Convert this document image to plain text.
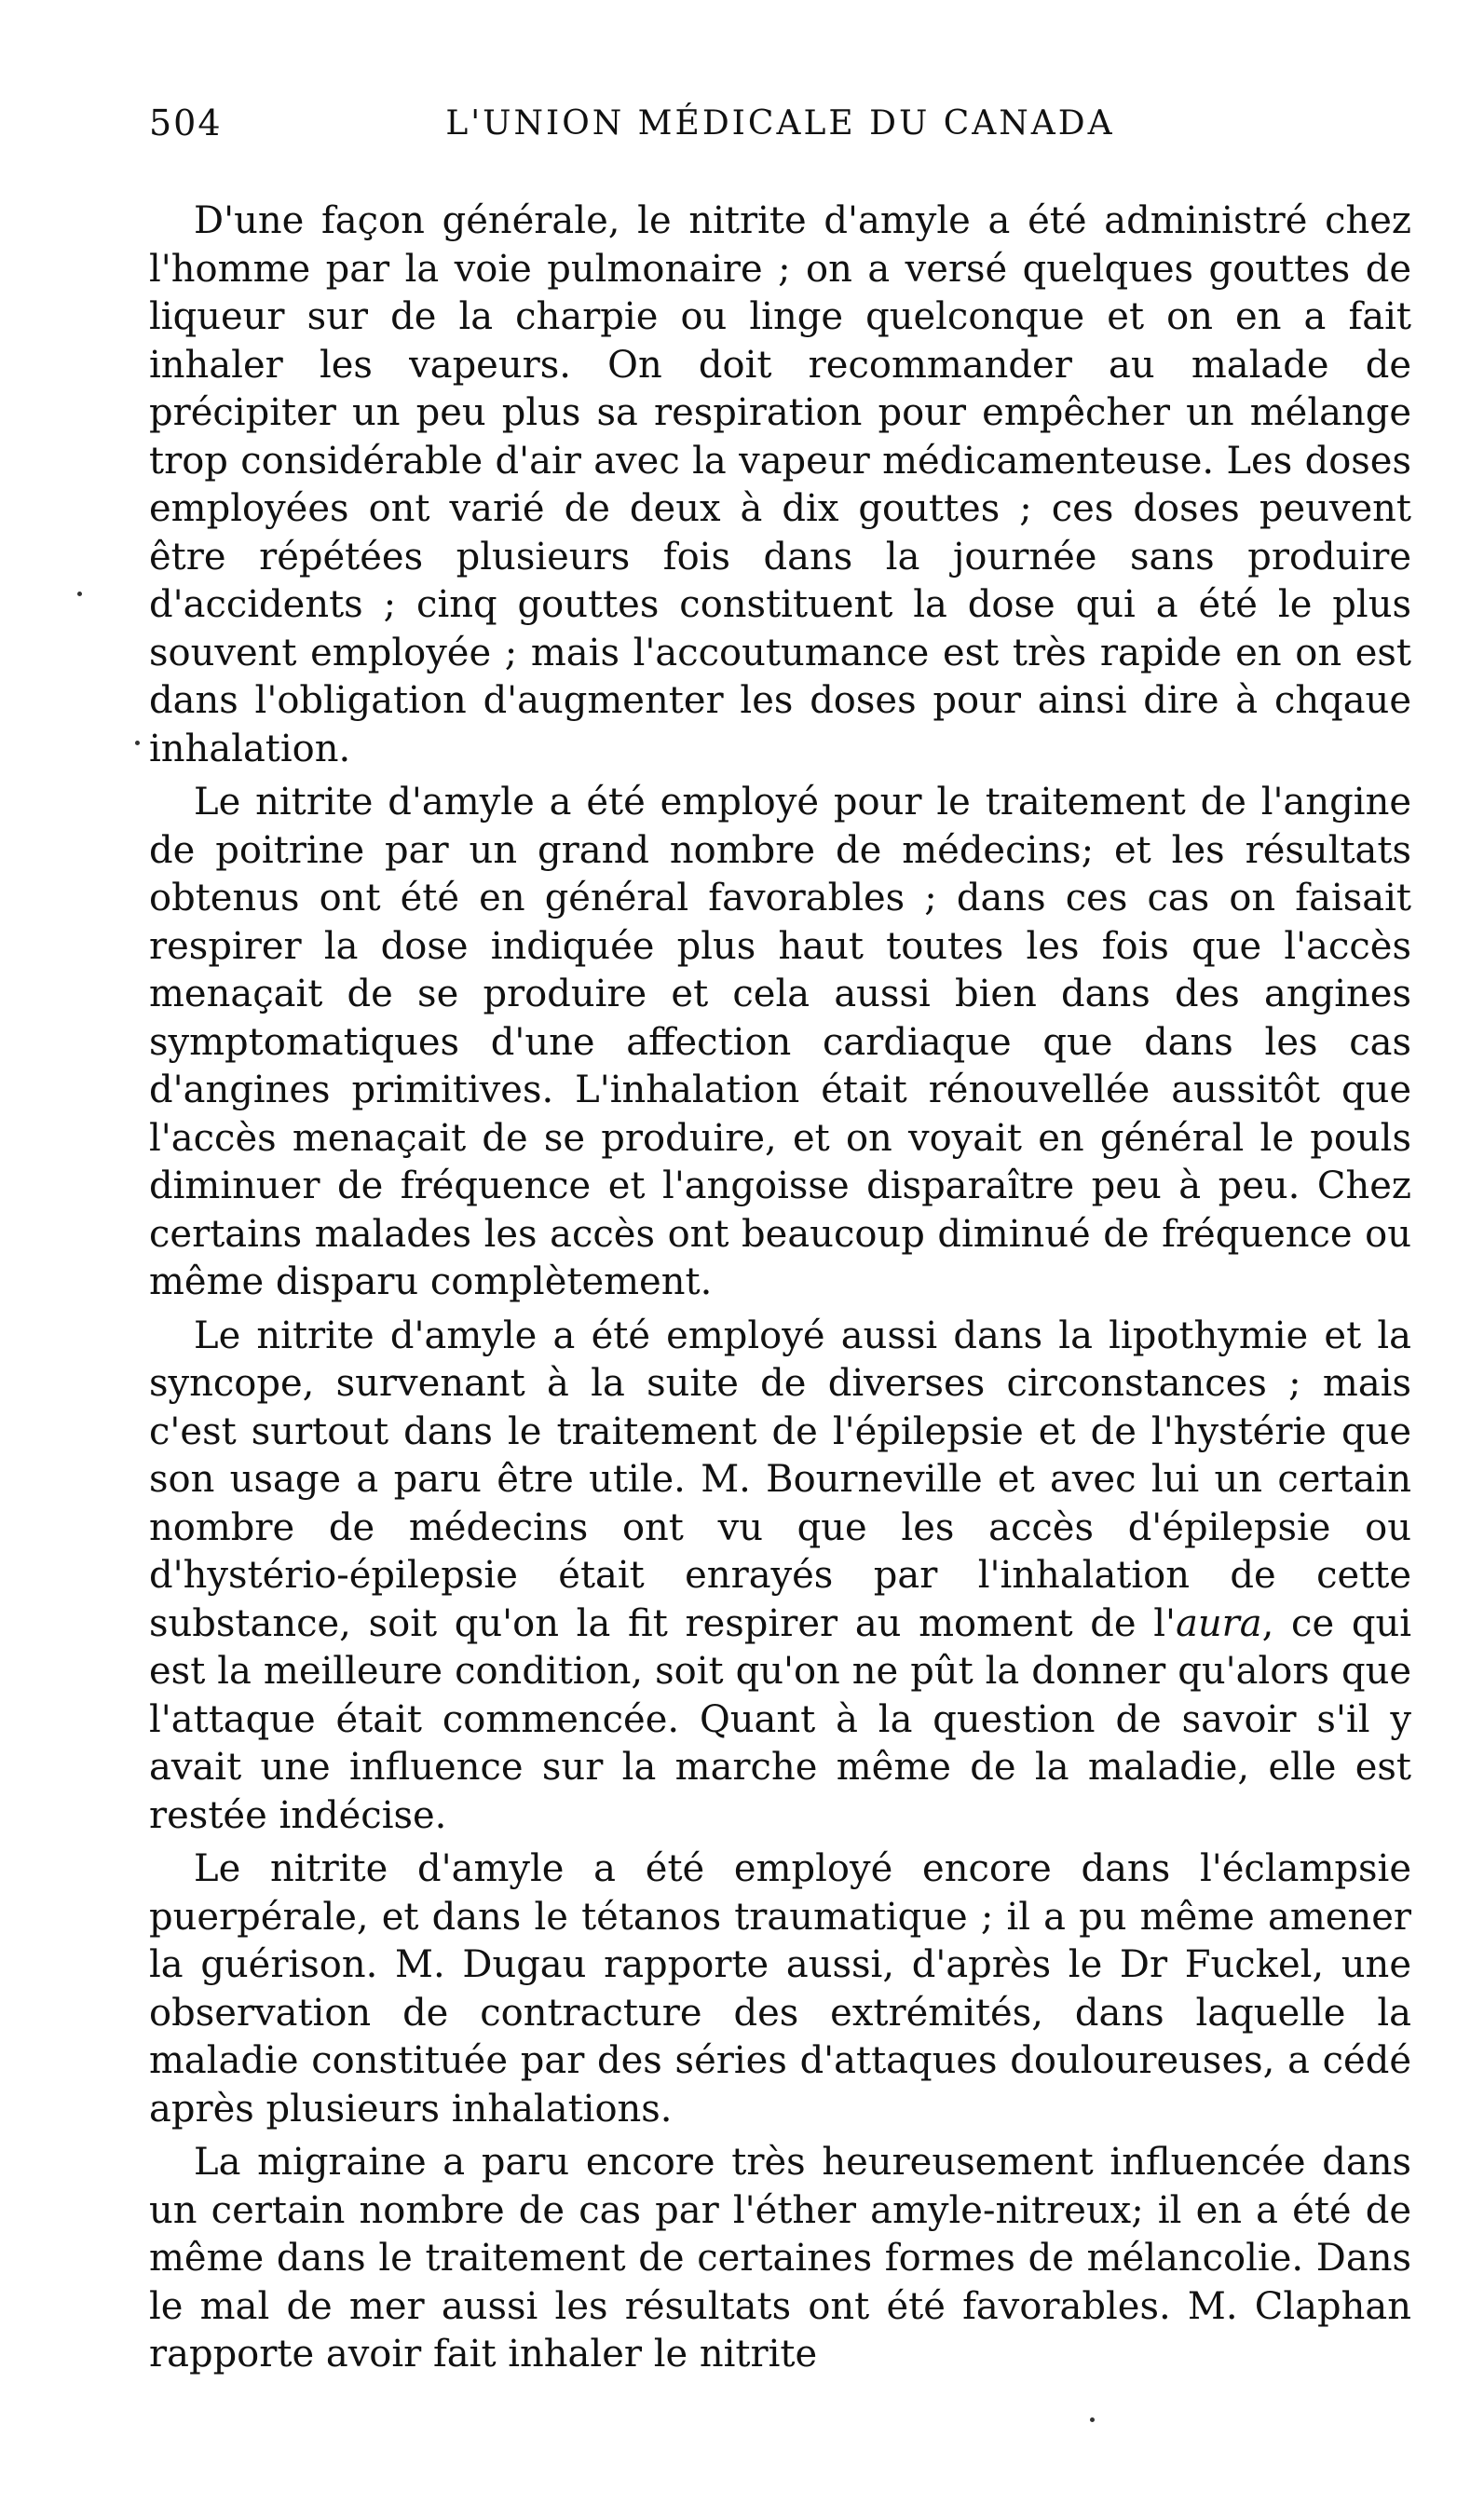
504	L'UNION MÉDICALE DU CANADA

D'une façon générale, le nitrite d'amyle a été administré chez l'homme par la voie pulmonaire ; on a versé quelques gouttes de liqueur sur de la charpie ou linge quelconque et on en a fait inhaler les vapeurs. On doit recommander au malade de précipiter un peu plus sa respiration pour empêcher un mélange trop considérable d'air avec la vapeur médicamenteuse. Les doses employées ont varié de deux à dix gouttes ; ces doses peuvent être répétées plusieurs fois dans la journée sans produire d'accidents ; cinq gouttes constituent la dose qui a été le plus souvent employée ; mais l'accoutumance est très rapide en on est dans l'obligation d'augmenter les doses pour ainsi dire à chqaue inhalation.

Le nitrite d'amyle a été employé pour le traitement de l'angine de poitrine par un grand nombre de médecins; et les résultats obtenus ont été en général favorables ; dans ces cas on faisait respirer la dose indiquée plus haut toutes les fois que l'accès menaçait de se produire et cela aussi bien dans des angines symptomatiques d'une affection cardiaque que dans les cas d'angines primitives. L'inhalation était rénouvellée aussitôt que l'accès menaçait de se produire, et on voyait en général le pouls diminuer de fréquence et l'angoisse disparaître peu à peu. Chez certains malades les accès ont beaucoup diminué de fréquence ou même disparu complètement.

Le nitrite d'amyle a été employé aussi dans la lipothymie et la syncope, survenant à la suite de diverses circonstances ; mais c'est surtout dans le traitement de l'épilepsie et de l'hystérie que son usage a paru être utile. M. Bourneville et avec lui un certain nombre de médecins ont vu que les accès d'épilepsie ou d'hystério-épilepsie était enrayés par l'inhalation de cette substance, soit qu'on la fit respirer au moment de l'aura, ce qui est la meilleure condition, soit qu'on ne pût la donner qu'alors que l'attaque était commencée. Quant à la question de savoir s'il y avait une influence sur la marche même de la maladie, elle est restée indécise.

Le nitrite d'amyle a été employé encore dans l'éclampsie puerpérale, et dans le tétanos traumatique ; il a pu même amener la guérison. M. Dugau rapporte aussi, d'après le Dr Fuckel, une observation de contracture des extrémités, dans laquelle la maladie constituée par des séries d'attaques douloureuses, a cédé après plusieurs inhalations.

La migraine a paru encore très heureusement influencée dans un certain nombre de cas par l'éther amyle-nitreux; il en a été de même dans le traitement de certaines formes de mélancolie. Dans le mal de mer aussi les résultats ont été favorables. M. Claphan rapporte avoir fait inhaler le nitrite
